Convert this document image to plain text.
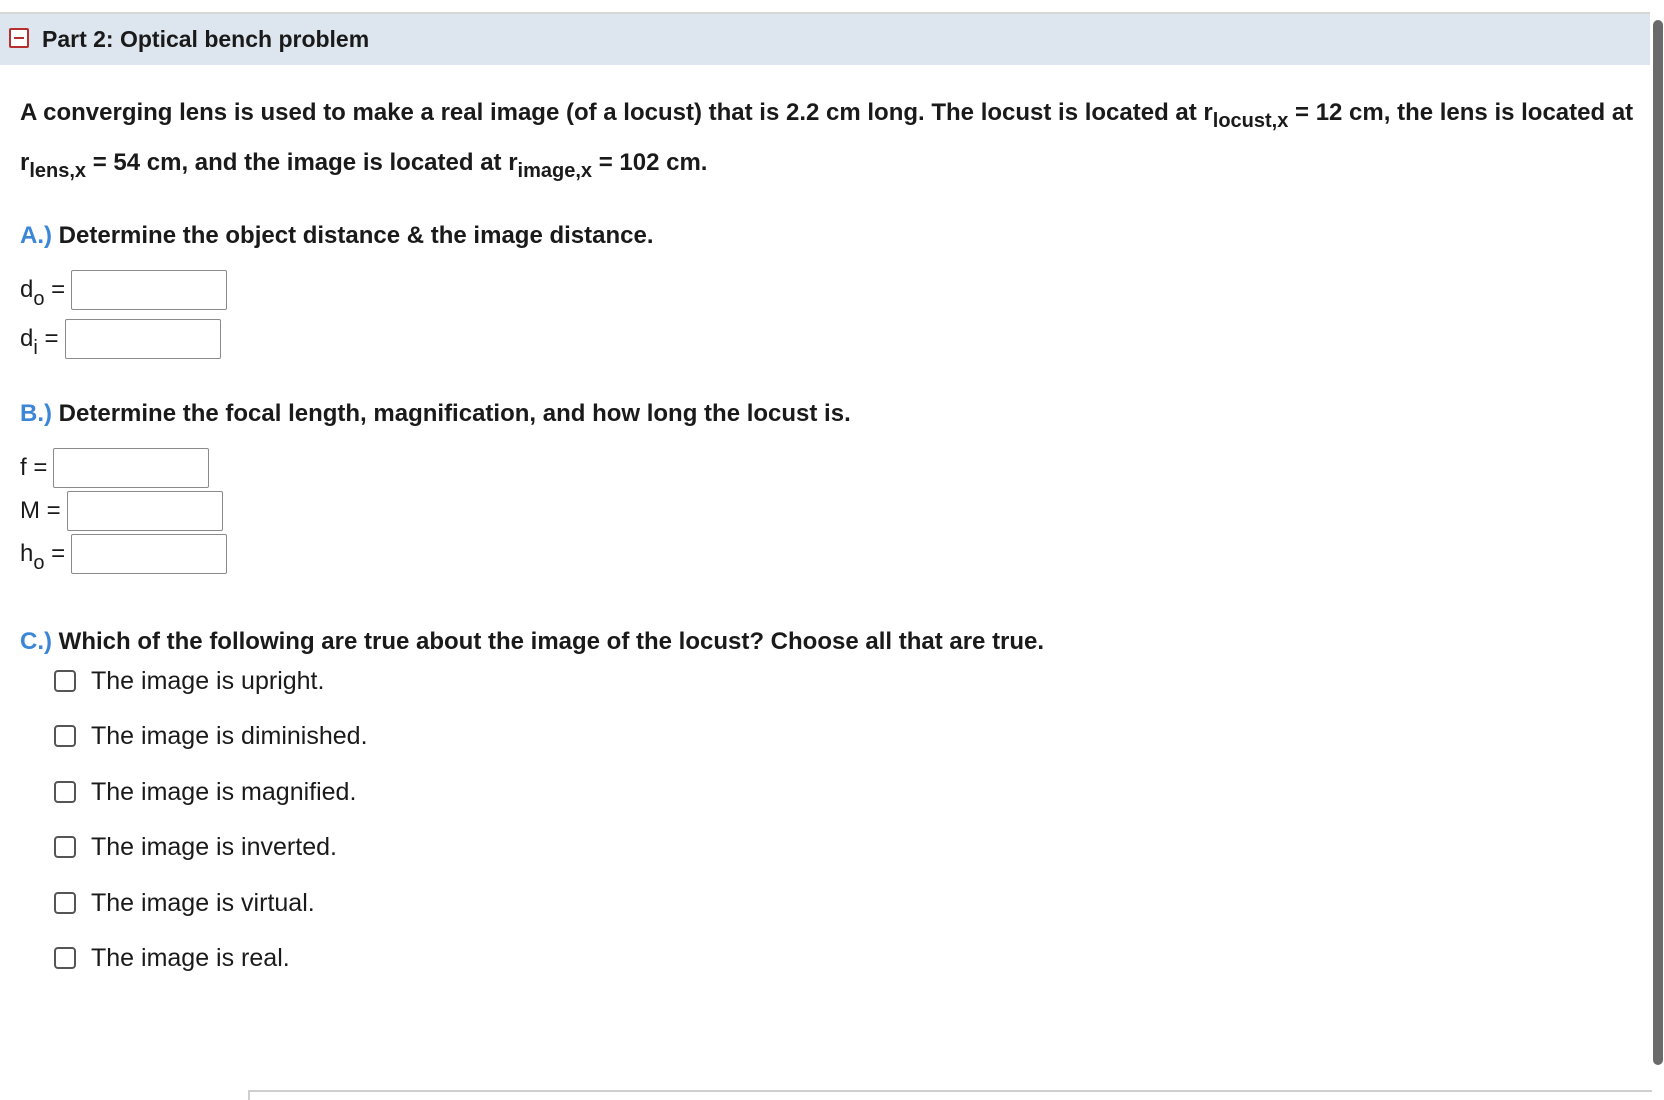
Part 2: Optical bench problem
A converging lens is used to make a real image (of a locust) that is 2.2 cm long. The locust is located at $r_{locust,x} = 12$ cm, the lens is located at $r_{lens,x} = 54$ cm, and the image is located at $r_{image,x} = 102$ cm.
A.) Determine the object distance & the image distance.
$d_o$ =
$d_i$ =
B.) Determine the focal length, magnification, and how long the locust is.
f =
M =
$h_o$ =
C.) Which of the following are true about the image of the locust? Choose all that are true.
The image is upright.
The image is diminished.
The image is magnified.
The image is inverted.
The image is virtual.
The image is real.
